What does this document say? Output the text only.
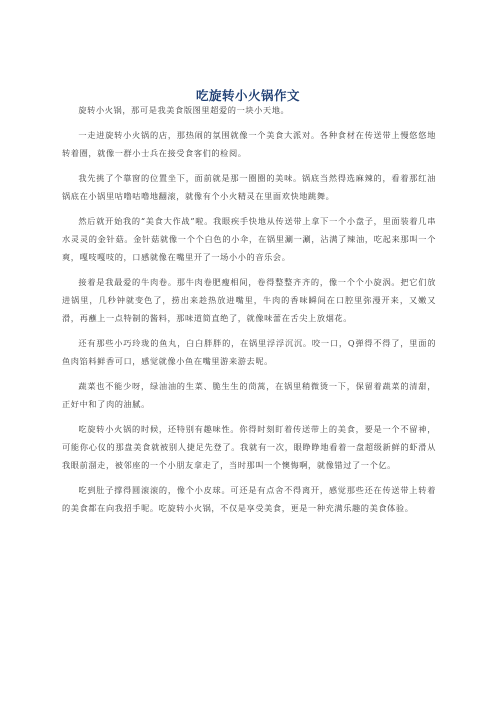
吃旋转小火锅作文

旋转小火锅，那可是我美食版图里超爱的一块小天地。

一走进旋转小火锅的店，那热闹的氛围就像一个美食大派对。各种食材在传送带上慢悠悠地转着圈，就像一群小士兵在接受食客们的检阅。

我先挑了个靠窗的位置坐下，面前就是那一圈圈的美味。锅底当然得选麻辣的，看着那红油锅底在小锅里咕噜咕噜地翻滚，就像有个小火精灵在里面欢快地跳舞。

然后就开始我的“美食大作战”啦。我眼疾手快地从传送带上拿下一个小盘子，里面装着几串水灵灵的金针菇。金针菇就像一个个白色的小伞，在锅里涮一涮，沾满了辣油，吃起来那叫一个爽，嘎吱嘎吱的，口感就像在嘴里开了一场小小的音乐会。

接着是我最爱的牛肉卷。那牛肉卷肥瘦相间，卷得整整齐齐的，像一个个小旋涡。把它们放进锅里，几秒钟就变色了，捞出来趁热放进嘴里，牛肉的香味瞬间在口腔里弥漫开来，又嫩又滑，再蘸上一点特制的酱料，那味道简直绝了，就像味蕾在舌尖上放烟花。

还有那些小巧玲珑的鱼丸，白白胖胖的，在锅里浮浮沉沉。咬一口，Q弹得不得了，里面的鱼肉馅料鲜香可口，感觉就像小鱼在嘴里游来游去呢。

蔬菜也不能少呀，绿油油的生菜、脆生生的茼蒿，在锅里稍微烫一下，保留着蔬菜的清甜，正好中和了肉的油腻。

吃旋转小火锅的时候，还特别有趣味性。你得时刻盯着传送带上的美食，要是一个不留神，可能你心仪的那盘美食就被别人捷足先登了。我就有一次，眼睁睁地看着一盘超级新鲜的虾滑从我眼前溜走，被邻座的一个小朋友拿走了，当时那叫一个懊悔啊，就像错过了一个亿。

吃到肚子撑得圆滚滚的，像个小皮球。可还是有点舍不得离开，感觉那些还在传送带上转着的美食都在向我招手呢。吃旋转小火锅，不仅是享受美食，更是一种充满乐趣的美食体验。
